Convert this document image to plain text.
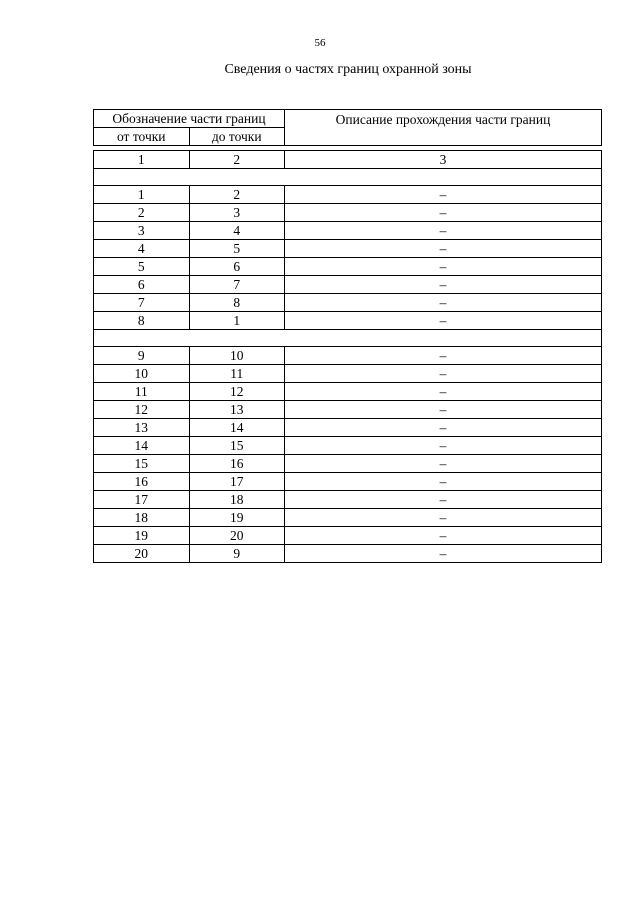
56
Сведения о частях границ охранной зоны
Обозначение части границ		Описание прохождения части границ
от точки	до точки	

1	2	3

1	2	–
2	3	–
3	4	–
4	5	–
5	6	–
6	7	–
7	8	–
8	1	–

9	10	–
10	11	–
11	12	–
12	13	–
13	14	–
14	15	–
15	16	–
16	17	–
17	18	–
18	19	–
19	20	–
20	9	–
